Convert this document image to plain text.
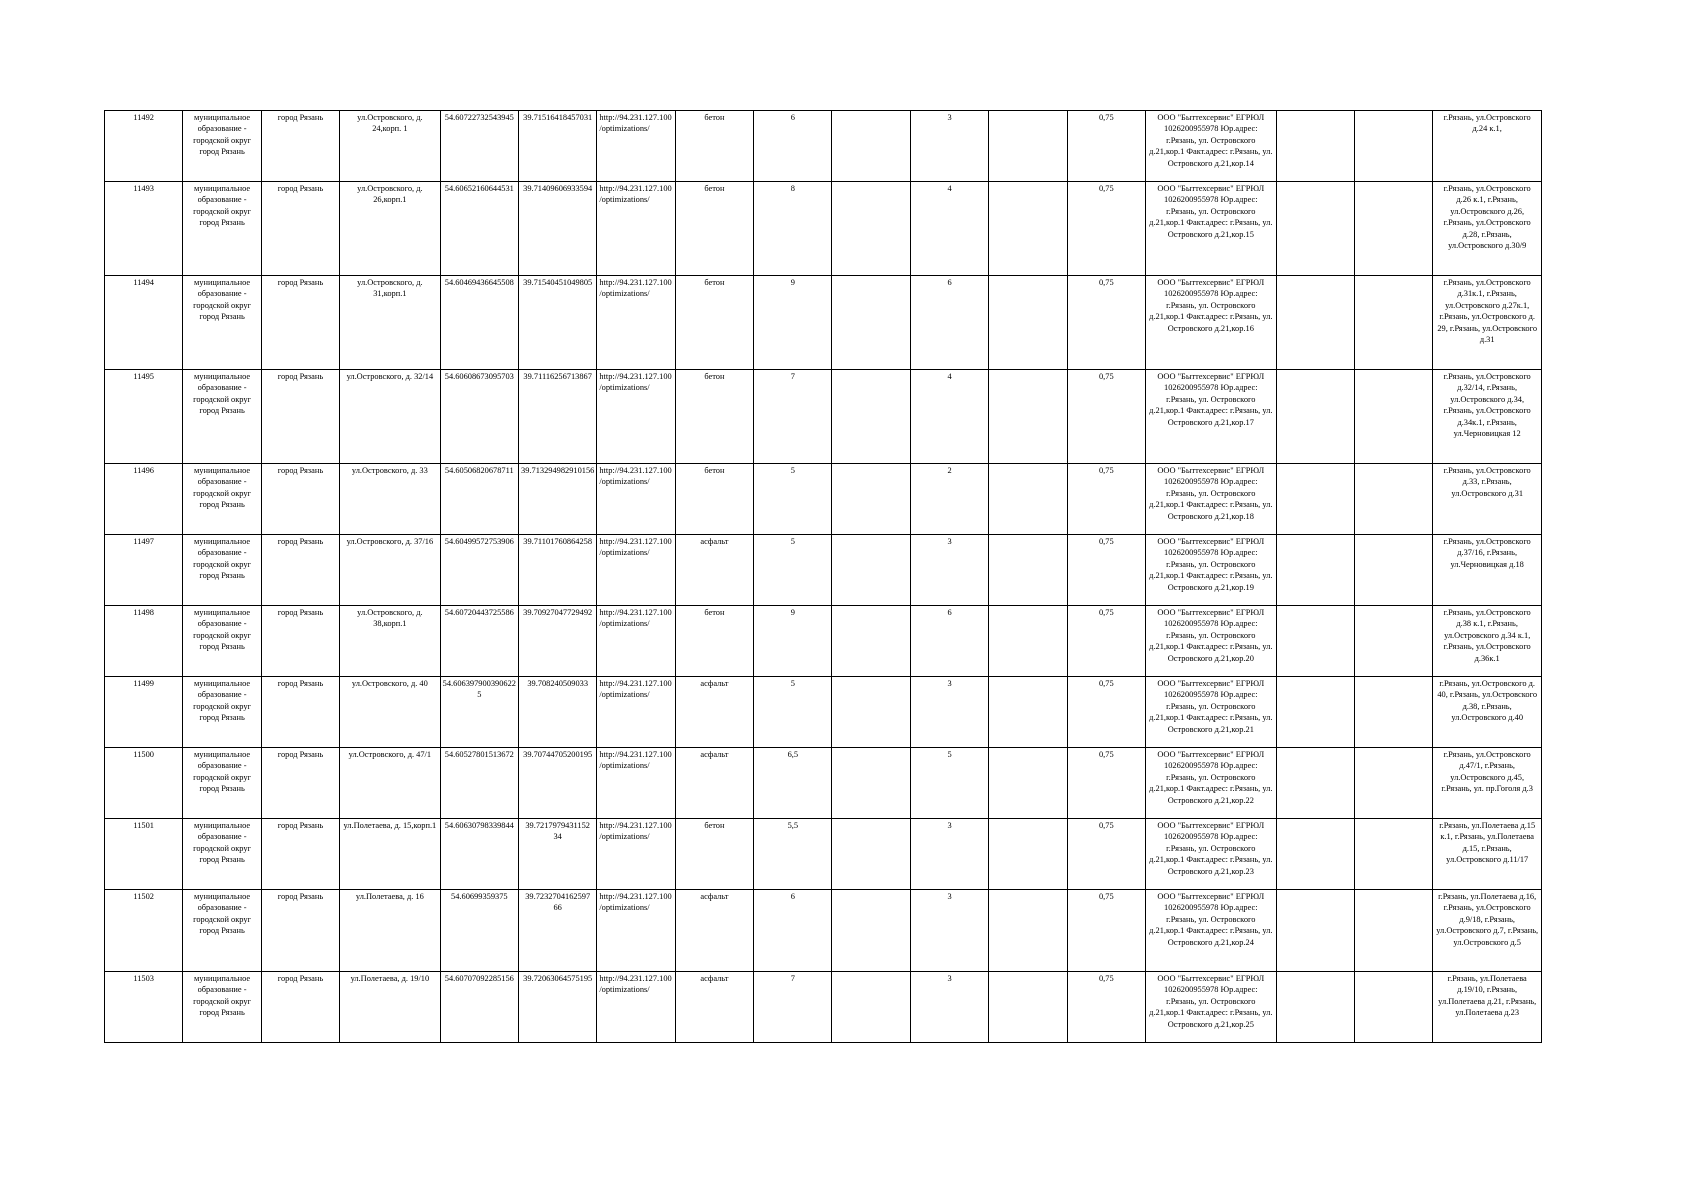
11492	муниципальное образование - городской округ город Рязань	город Рязань	ул.Островского, д. 24,корп. 1	54.60722732543945	39.71516418457031	http://94.231.127.100/optimizations/	бетон	6		3		0,75	ООО "Быттехсервис" ЕГРЮЛ 1026200955978 Юр.адрес: г.Рязань, ул. Островского д.21,кор.1 Факт.адрес: г.Рязань, ул. Островского д.21,кор.14			г.Рязань, ул.Островского д.24 к.1,
11493	муниципальное образование - городской округ город Рязань	город Рязань	ул.Островского, д. 26,корп.1	54.60652160644531	39.71409606933594	http://94.231.127.100/optimizations/	бетон	8		4		0,75	ООО "Быттехсервис" ЕГРЮЛ 1026200955978 Юр.адрес: г.Рязань, ул. Островского д.21,кор.1 Факт.адрес: г.Рязань, ул. Островского д.21,кор.15			г.Рязань, ул.Островского д.26 к.1, г.Рязань, ул.Островского д.26, г.Рязань, ул.Островского д.28, г.Рязань, ул.Островского д.30/9
11494	муниципальное образование - городской округ город Рязань	город Рязань	ул.Островского, д. 31,корп.1	54.60469436645508	39.71540451049805	http://94.231.127.100/optimizations/	бетон	9		6		0,75	ООО "Быттехсервис" ЕГРЮЛ 1026200955978 Юр.адрес: г.Рязань, ул. Островского д.21,кор.1 Факт.адрес: г.Рязань, ул. Островского д.21,кор.16			г.Рязань, ул.Островского д.31к.1, г.Рязань, ул.Островского д.27к.1, г.Рязань, ул.Островского д. 29, г.Рязань, ул.Островского д.31
11495	муниципальное образование - городской округ город Рязань	город Рязань	ул.Островского, д. 32/14	54.60608673095703	39.71116256713867	http://94.231.127.100/optimizations/	бетон	7		4		0,75	ООО "Быттехсервис" ЕГРЮЛ 1026200955978 Юр.адрес: г.Рязань, ул. Островского д.21,кор.1 Факт.адрес: г.Рязань, ул. Островского д.21,кор.17			г.Рязань, ул.Островского д.32/14, г.Рязань, ул.Островского д.34, г.Рязань, ул.Островского д.34к.1, г.Рязань, ул.Черновицкая 12
11496	муниципальное образование - городской округ город Рязань	город Рязань	ул.Островского, д. 33	54.60506820678711	39.713294982910156	http://94.231.127.100/optimizations/	бетон	5		2		0,75	ООО "Быттехсервис" ЕГРЮЛ 1026200955978 Юр.адрес: г.Рязань, ул. Островского д.21,кор.1 Факт.адрес: г.Рязань, ул. Островского д.21,кор.18			г.Рязань, ул.Островского д.33, г.Рязань, ул.Островского д.31
11497	муниципальное образование - городской округ город Рязань	город Рязань	ул.Островского, д. 37/16	54.60499572753906	39.71101760864258	http://94.231.127.100/optimizations/	асфальт	5		3		0,75	ООО "Быттехсервис" ЕГРЮЛ 1026200955978 Юр.адрес: г.Рязань, ул. Островского д.21,кор.1 Факт.адрес: г.Рязань, ул. Островского д.21,кор.19			г.Рязань, ул.Островского д.37/16, г.Рязань, ул.Черновицкая д.18
11498	муниципальное образование - городской округ город Рязань	город Рязань	ул.Островского, д. 38,корп.1	54.60720443725586	39.70927047729492	http://94.231.127.100/optimizations/	бетон	9		6		0,75	ООО "Быттехсервис" ЕГРЮЛ 1026200955978 Юр.адрес: г.Рязань, ул. Островского д.21,кор.1 Факт.адрес: г.Рязань, ул. Островского д.21,кор.20			г.Рязань, ул.Островского д.38 к.1, г.Рязань, ул.Островского д.34 к.1, г.Рязань, ул.Островского д.36к.1
11499	муниципальное образование - городской округ город Рязань	город Рязань	ул.Островского, д. 40	54.6063979003906225	39.708240509033	http://94.231.127.100/optimizations/	асфальт	5		3		0,75	ООО "Быттехсервис" ЕГРЮЛ 1026200955978 Юр.адрес: г.Рязань, ул. Островского д.21,кор.1 Факт.адрес: г.Рязань, ул. Островского д.21,кор.21			г.Рязань, ул.Островского д. 40, г.Рязань, ул.Островского д.38, г.Рязань, ул.Островского д.40
11500	муниципальное образование - городской округ город Рязань	город Рязань	ул.Островского, д. 47/1	54.60527801513672	39.70744705200195	http://94.231.127.100/optimizations/	асфальт	6,5		5		0,75	ООО "Быттехсервис" ЕГРЮЛ 1026200955978 Юр.адрес: г.Рязань, ул. Островского д.21,кор.1 Факт.адрес: г.Рязань, ул. Островского д.21,кор.22			г.Рязань, ул.Островского д.47/1, г.Рязань, ул.Островского д.45, г.Рязань, ул. пр.Гоголя д.3
11501	муниципальное образование - городской округ город Рязань	город Рязань	ул.Полетаева, д. 15,корп.1	54.60630798339844	39.7217979431152 34	http://94.231.127.100/optimizations/	бетон	5,5		3		0,75	ООО "Быттехсервис" ЕГРЮЛ 1026200955978 Юр.адрес: г.Рязань, ул. Островского д.21,кор.1 Факт.адрес: г.Рязань, ул. Островского д.21,кор.23			г.Рязань, ул.Полетаева д.15 к.1, г.Рязань, ул.Полетаева д.15, г.Рязань, ул.Островского д.11/17
11502	муниципальное образование - городской округ город Рязань	город Рязань	ул.Полетаева, д. 16	54.60699359375	39.7232704162597 66	http://94.231.127.100/optimizations/	асфальт	6		3		0,75	ООО "Быттехсервис" ЕГРЮЛ 1026200955978 Юр.адрес: г.Рязань, ул. Островского д.21,кор.1 Факт.адрес: г.Рязань, ул. Островского д.21,кор.24			г.Рязань, ул.Полетаева д.16, г.Рязань, ул.Островского д.9/18, г.Рязань, ул.Островского д.7, г.Рязань, ул.Островского д.5
11503	муниципальное образование - городской округ город Рязань	город Рязань	ул.Полетаева, д. 19/10	54.60707092285156	39.72063064575195	http://94.231.127.100/optimizations/	асфальт	7		3		0,75	ООО "Быттехсервис" ЕГРЮЛ 1026200955978 Юр.адрес: г.Рязань, ул. Островского д.21,кор.1 Факт.адрес: г.Рязань, ул. Островского д.21,кор.25			г.Рязань, ул.Полетаева д.19/10, г.Рязань, ул.Полетаева д.21, г.Рязань, ул.Полетаева д.23
